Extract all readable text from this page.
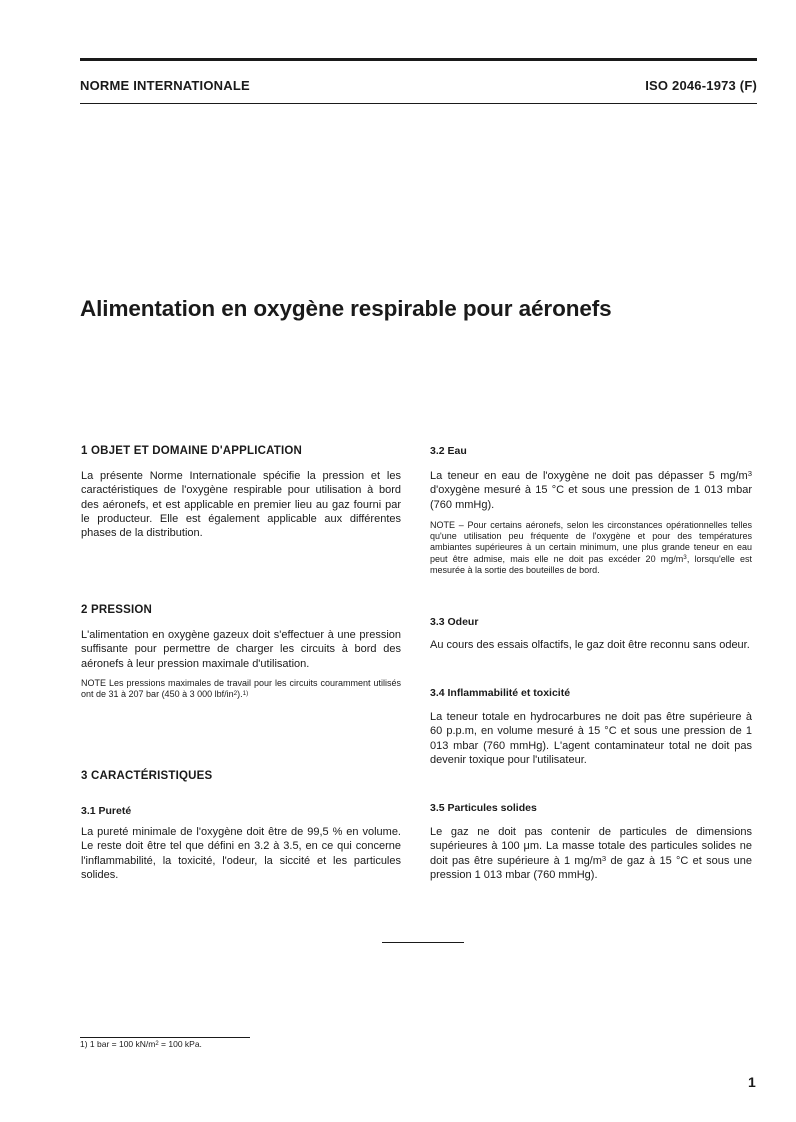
NORME INTERNATIONALE	ISO 2046-1973 (F)
Alimentation en oxygène respirable pour aéronefs

1 OBJET ET DOMAINE D'APPLICATION

La présente Norme Internationale spécifie la pression et les caractéristiques de l'oxygène respirable pour utilisation à bord des aéronefs, et est applicable en premier lieu au gaz fourni par le producteur. Elle est également applicable aux différentes phases de la distribution.

2 PRESSION

L'alimentation en oxygène gazeux doit s'effectuer à une pression suffisante pour permettre de charger les circuits à bord des aéronefs à leur pression maximale d'utilisation.

NOTE Les pressions maximales de travail pour les circuits couramment utilisés ont de 31 à 207 bar (450 à 3 000 lbf/$in^2).^{1)}$

3 CARACTÉRISTIQUES

3.1 Pureté

La pureté minimale de l'oxygène doit être de 99,5 % en volume. Le reste doit être tel que défini en 3.2 à 3.5, en ce qui concerne l'inflammabilité, la toxicité, l'odeur, la siccité et les particules solides.

3.2 Eau

La teneur en eau de l'oxygène ne doit pas dépasser 5 $mg/m^3$ d'oxygène mesuré à 15 °C et sous une pression de 1 013 mbar (760 mmHg).

NOTE – Pour certains aéronefs, selon les circonstances opérationnelles telles qu'une utilisation peu fréquente de l'oxygène et pour des températures ambiantes supérieures à un certain minimum, une plus grande teneur en eau peut être admise, mais elle ne doit pas excéder 20 $mg/m^3$, lorsqu'elle est mesurée à la sortie des bouteilles de bord.

3.3 Odeur

Au cours des essais olfactifs, le gaz doit être reconnu sans odeur.

3.4 Inflammabilité et toxicité

La teneur totale en hydrocarbures ne doit pas être supérieure à 60 p.p.m, en volume mesuré à 15 °C et sous une pression de 1 013 mbar (760 mmHg). L'agent contaminateur total ne doit pas devenir toxique pour l'utilisateur.

3.5 Particules solides

Le gaz ne doit pas contenir de particules de dimensions supérieures à 100 μm. La masse totale des particules solides ne doit pas être supérieure à 1 $mg/m^3$ de gaz à 15 °C et sous une pression 1 013 mbar (760 mmHg).

1) 1 bar = 100 $kN/m^2 = 100$ kPa.
1
